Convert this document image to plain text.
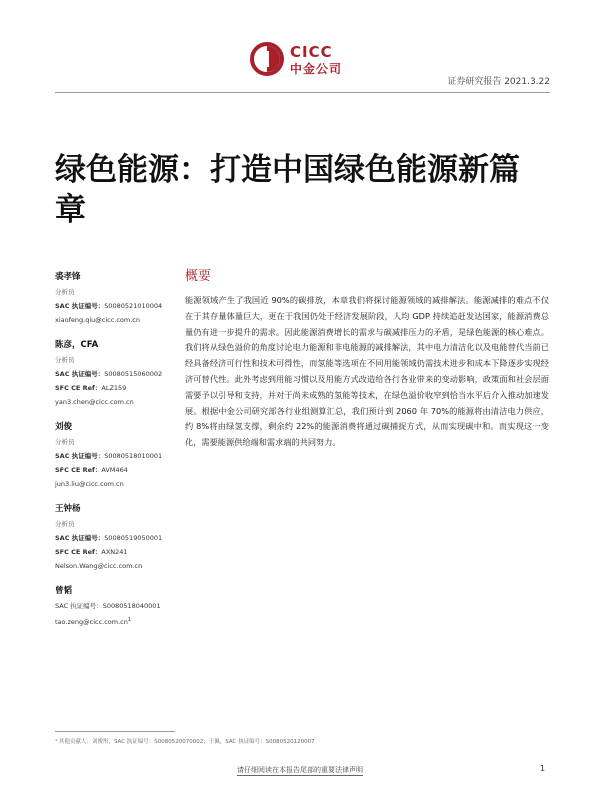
CICC
中金公司
证券研究报告 2021.3.22
绿色能源：打造中国绿色能源新篇章
裘孝锋
分析员
SAC 执证编号：S0080521010004
xiaofeng.qiu@cicc.com.cn
陈彦，CFA
分析员
SAC 执证编号：S0080515060002
SFC CE Ref：ALZ159
yan3.chen@cicc.com.cn
刘俊
分析员
SAC 执证编号：S0080518010001
SFC CE Ref：AVM464
jun3.liu@cicc.com.cn
王钟杨
分析员
SAC 执证编号：S0080519050001
SFC CE Ref：AXN241
Nelson.Wang@cicc.com.cn
曾韬
SAC 执证编号：S0080518040001
$tao.zeng@cicc.com.cn^1$
概要

能源领域产生了我国近 90%的碳排放，本章我们将探讨能源领域的减排解法。能源减排的难点不仅在于其存量体量巨大，更在于我国仍处于经济发展阶段，人均 GDP 持续追赶发达国家，能源消费总量仍有进一步提升的需求。因此能源消费增长的需求与碳减排压力的矛盾，是绿色能源的核心难点。我们将从绿色溢价的角度讨论电力能源和非电能源的减排解法，其中电力清洁化以及电能替代当前已经具备经济可行性和技术可得性，而氢能等选项在不同用能领域仍需技术进步和成本下降逐步实现经济可替代性。此外考虑到用能习惯以及用能方式改造给各行各业带来的变动影响，政策面和社会层面需要予以引导和支持，并对于尚未成熟的氢能等技术，在绿色溢价收窄到恰当水平后介入推动加速发展。根据中金公司研究部各行业组测算汇总，我们预计到 2060 年 70%的能源将由清洁电力供应，约 8%将由绿氢支撑，剩余约 22%的能源消费将通过碳捕捉方式，从而实现碳中和。而实现这一变化，需要能源供给端和需求端的共同努力。

¹ 其他贡献人：刘俊彤，SAC 执证编号：S0080520070002；王佩，SAC 执证编号：S0080520120007
请仔细阅读在本报告尾部的重要法律声明	1
